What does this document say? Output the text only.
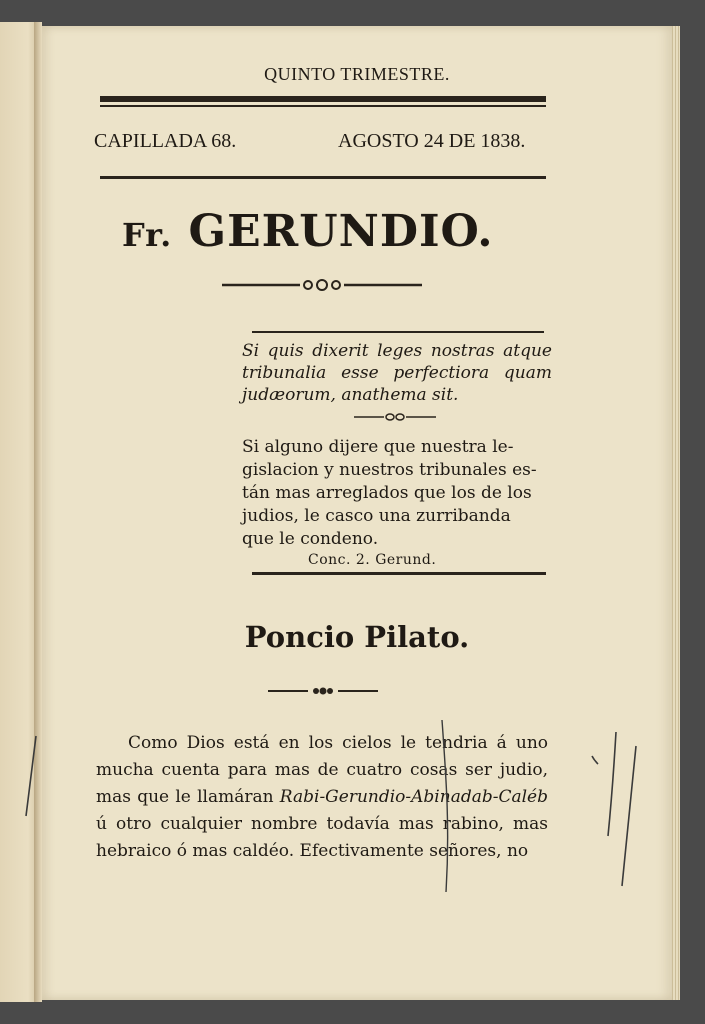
QUINTO TRIMESTRE.
CAPILLADA 68.	AGOSTO 24 DE 1838.
Fr. GERUNDIO.
Si quis dixerit leges nostras atque tribunalia esse perfectiora quam judæorum, anathema sit.
Si alguno dijere que nuestra le-
gislacion y nuestros tribunales es-
tán mas arreglados que los de los
judios, le casco una zurribanda
que le condeno.
Conc. 2. Gerund.
Poncio Pilato.

Como Dios está en los cielos le tendria á uno mucha cuenta para mas de cuatro cosas ser judio, mas que le llamáran Rabi-Gerundio-Abinadab-Caléb ú otro cualquier nombre todavía mas rabino, mas hebraico ó mas caldéo. Efectivamente señores, no
